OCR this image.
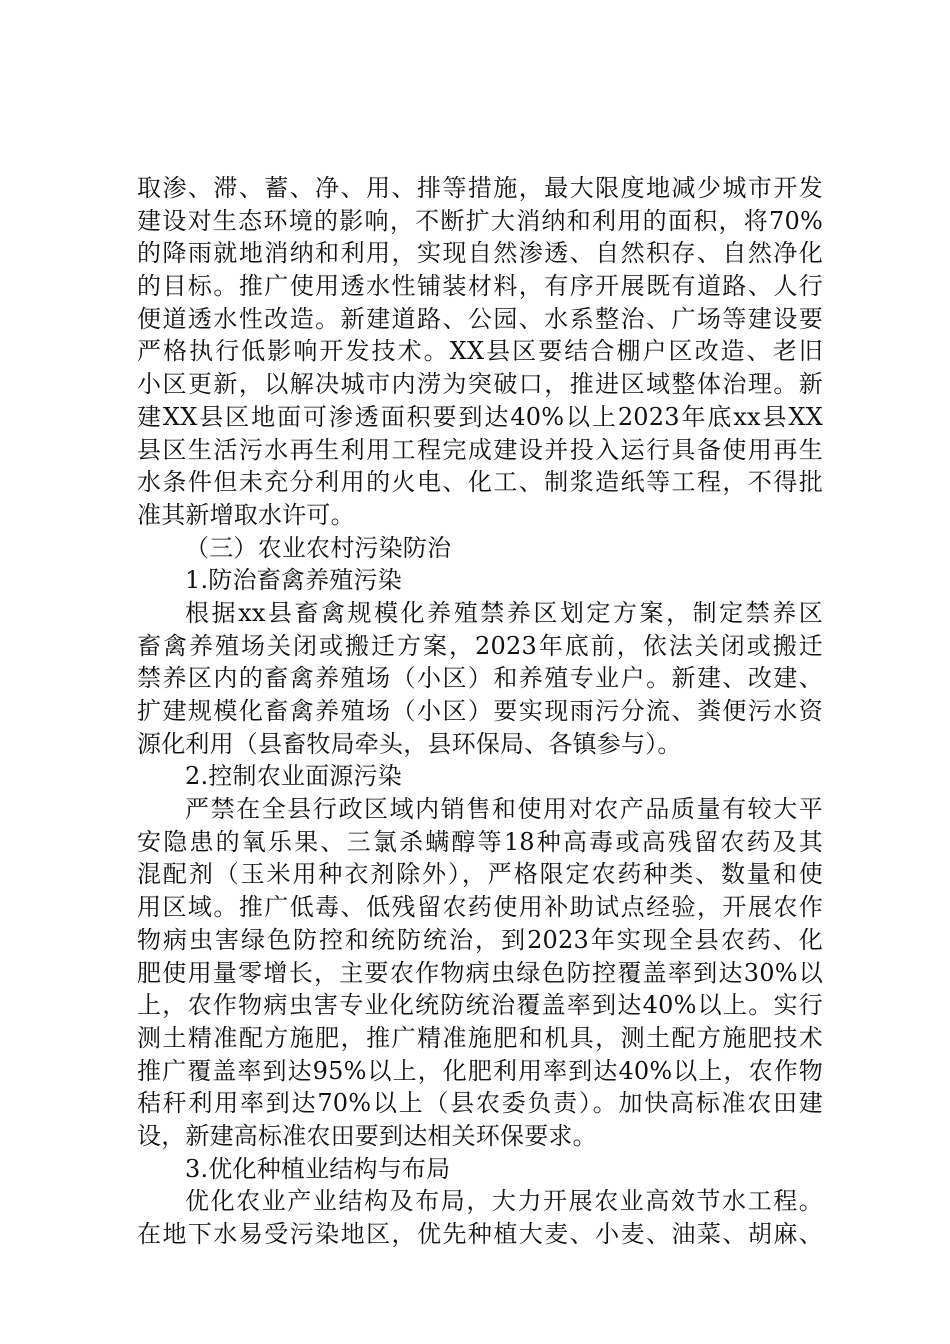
取渗、滞、蓄、净、用、排等措施，最大限度地减少城市开发
建设对生态环境的影响，不断扩大消纳和利用的面积，将70%
的降雨就地消纳和利用，实现自然渗透、自然积存、自然净化
的目标。推广使用透水性铺装材料，有序开展既有道路、人行
便道透水性改造。新建道路、公园、水系整治、广场等建设要
严格执行低影响开发技术。XX县区要结合棚户区改造、老旧
小区更新，以解决城市内涝为突破口，推进区域整体治理。新
建XX县区地面可渗透面积要到达40%以上2023年底xx县XX
县区生活污水再生利用工程完成建设并投入运行具备使用再生
水条件但未充分利用的火电、化工、制浆造纸等工程，不得批
准其新增取水许可。
（三）农业农村污染防治
1.防治畜禽养殖污染
根据xx县畜禽规模化养殖禁养区划定方案，制定禁养区
畜禽养殖场关闭或搬迁方案，2023年底前，依法关闭或搬迁
禁养区内的畜禽养殖场（小区）和养殖专业户。新建、改建、
扩建规模化畜禽养殖场（小区）要实现雨污分流、粪便污水资
源化利用（县畜牧局牵头，县环保局、各镇参与）。
2.控制农业面源污染
严禁在全县行政区域内销售和使用对农产品质量有较大平
安隐患的氧乐果、三氯杀螨醇等18种高毒或高残留农药及其
混配剂（玉米用种衣剂除外），严格限定农药种类、数量和使
用区域。推广低毒、低残留农药使用补助试点经验，开展农作
物病虫害绿色防控和统防统治，到2023年实现全县农药、化
肥使用量零增长，主要农作物病虫绿色防控覆盖率到达30%以
上，农作物病虫害专业化统防统治覆盖率到达40%以上。实行
测土精准配方施肥，推广精准施肥和机具，测土配方施肥技术
推广覆盖率到达95%以上，化肥利用率到达40%以上，农作物
秸秆利用率到达70%以上（县农委负责）。加快高标准农田建
设，新建高标准农田要到达相关环保要求。
3.优化种植业结构与布局
优化农业产业结构及布局，大力开展农业高效节水工程。
在地下水易受污染地区，优先种植大麦、小麦、油菜、胡麻、
